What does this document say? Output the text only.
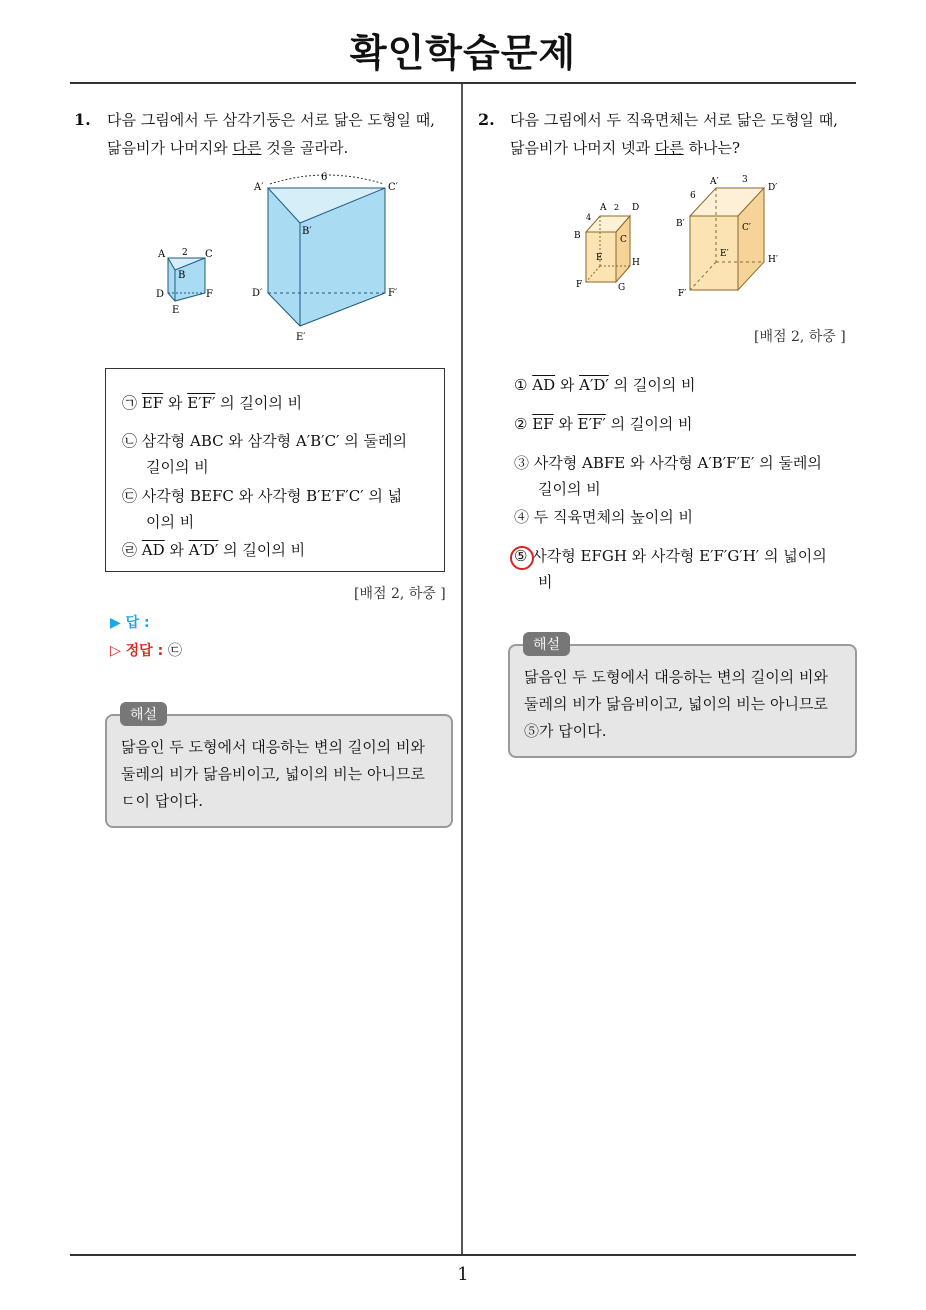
확인학습문제
1
1. 다음 그림에서 두 삼각기둥은 서로 닮은 도형일 때,
닮음비가 나머지와 다른 것을 골라라.
A
B
C
D
E
F
2
6
A′
B′
C′
D′
E′
F′
㉠ $\overline{EF}$ 와 E′F′ 의 길이의 비
㉡ 삼각형 ABC 와 삼각형 A′B′C′ 의 둘레의
길이의 비
㉢ 사각형 BEFC 와 사각형 B′E′F′C′ 의 넓
이의 비
㉣ $\overline{AD}$ 와 A′D′ 의 길이의 비
[배점 2, 하중 ]
▶ 답 :
▷ 정답 : ㉢
닮음인 두 도형에서 대응하는 변의 길이의 비와
둘레의 비가 닮음비이고, 넓이의 비는 아니므로
ㄷ이 답이다.
해설
2. 다음 그림에서 두 직육면체는 서로 닮은 도형일 때,
닮음비가 나머지 넷과 다른 하나는?
A 2
4
D
B	C
E	H
F	G
A′	3
6
D′
B′	C′
E′
H′
F′
[배점 2, 하중 ]
① $\overline{AD}$ 와 A′D′ 의 길이의 비
② $\overline{EF}$ 와 E′F′ 의 길이의 비
③ 사각형 ABFE 와 사각형 A′B′F′E′ 의 둘레의
길이의 비
④ 두 직육면체의 높이의 비
⑤ 사각형 EFGH 와 사각형 E′F′G′H′ 의 넓이의
비
닮음인 두 도형에서 대응하는 변의 길이의 비와
둘레의 비가 닮음비이고, 넓이의 비는 아니므로
⑤가 답이다.
해설
